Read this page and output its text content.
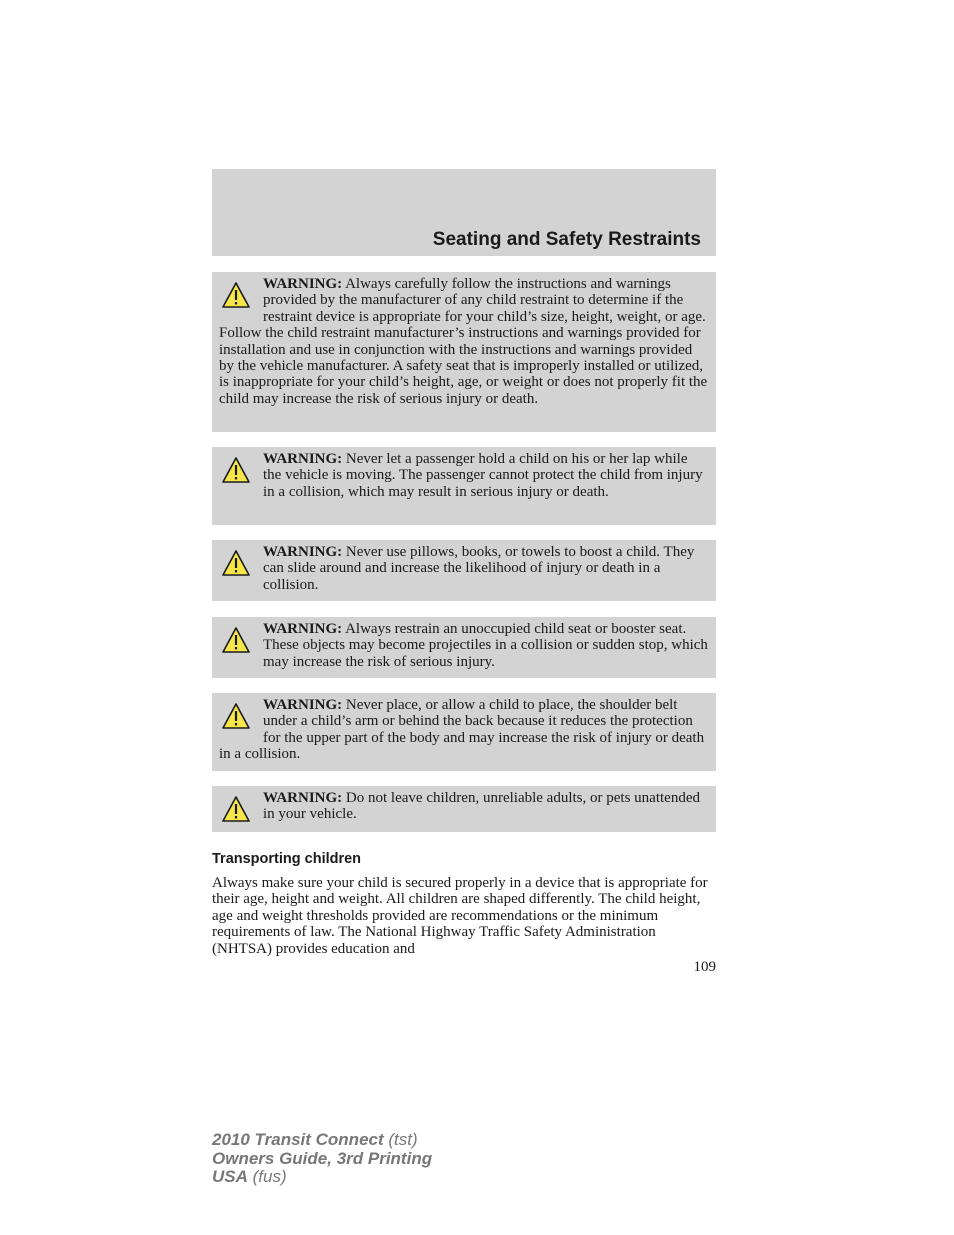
Seating and Safety Restraints
WARNING: Always carefully follow the instructions and warnings provided by the manufacturer of any child restraint to determine if the restraint device is appropriate for your child’s size, height, weight, or age. Follow the child restraint manufacturer’s instructions and warnings provided for installation and use in conjunction with the instructions and warnings provided by the vehicle manufacturer. A safety seat that is improperly installed or utilized, is inappropriate for your child’s height, age, or weight or does not properly fit the child may increase the risk of serious injury or death.
WARNING: Never let a passenger hold a child on his or her lap while the vehicle is moving. The passenger cannot protect the child from injury in a collision, which may result in serious injury or death.
WARNING: Never use pillows, books, or towels to boost a child. They can slide around and increase the likelihood of injury or death in a collision.
WARNING: Always restrain an unoccupied child seat or booster seat. These objects may become projectiles in a collision or sudden stop, which may increase the risk of serious injury.
WARNING: Never place, or allow a child to place, the shoulder belt under a child’s arm or behind the back because it reduces the protection for the upper part of the body and may increase the risk of injury or death in a collision.
WARNING: Do not leave children, unreliable adults, or pets unattended in your vehicle.
Transporting children
Always make sure your child is secured properly in a device that is appropriate for their age, height and weight. All children are shaped differently. The child height, age and weight thresholds provided are recommendations or the minimum requirements of law. The National Highway Traffic Safety Administration (NHTSA) provides education and
109
2010 Transit Connect (tst)
Owners Guide, 3rd Printing
USA (fus)
